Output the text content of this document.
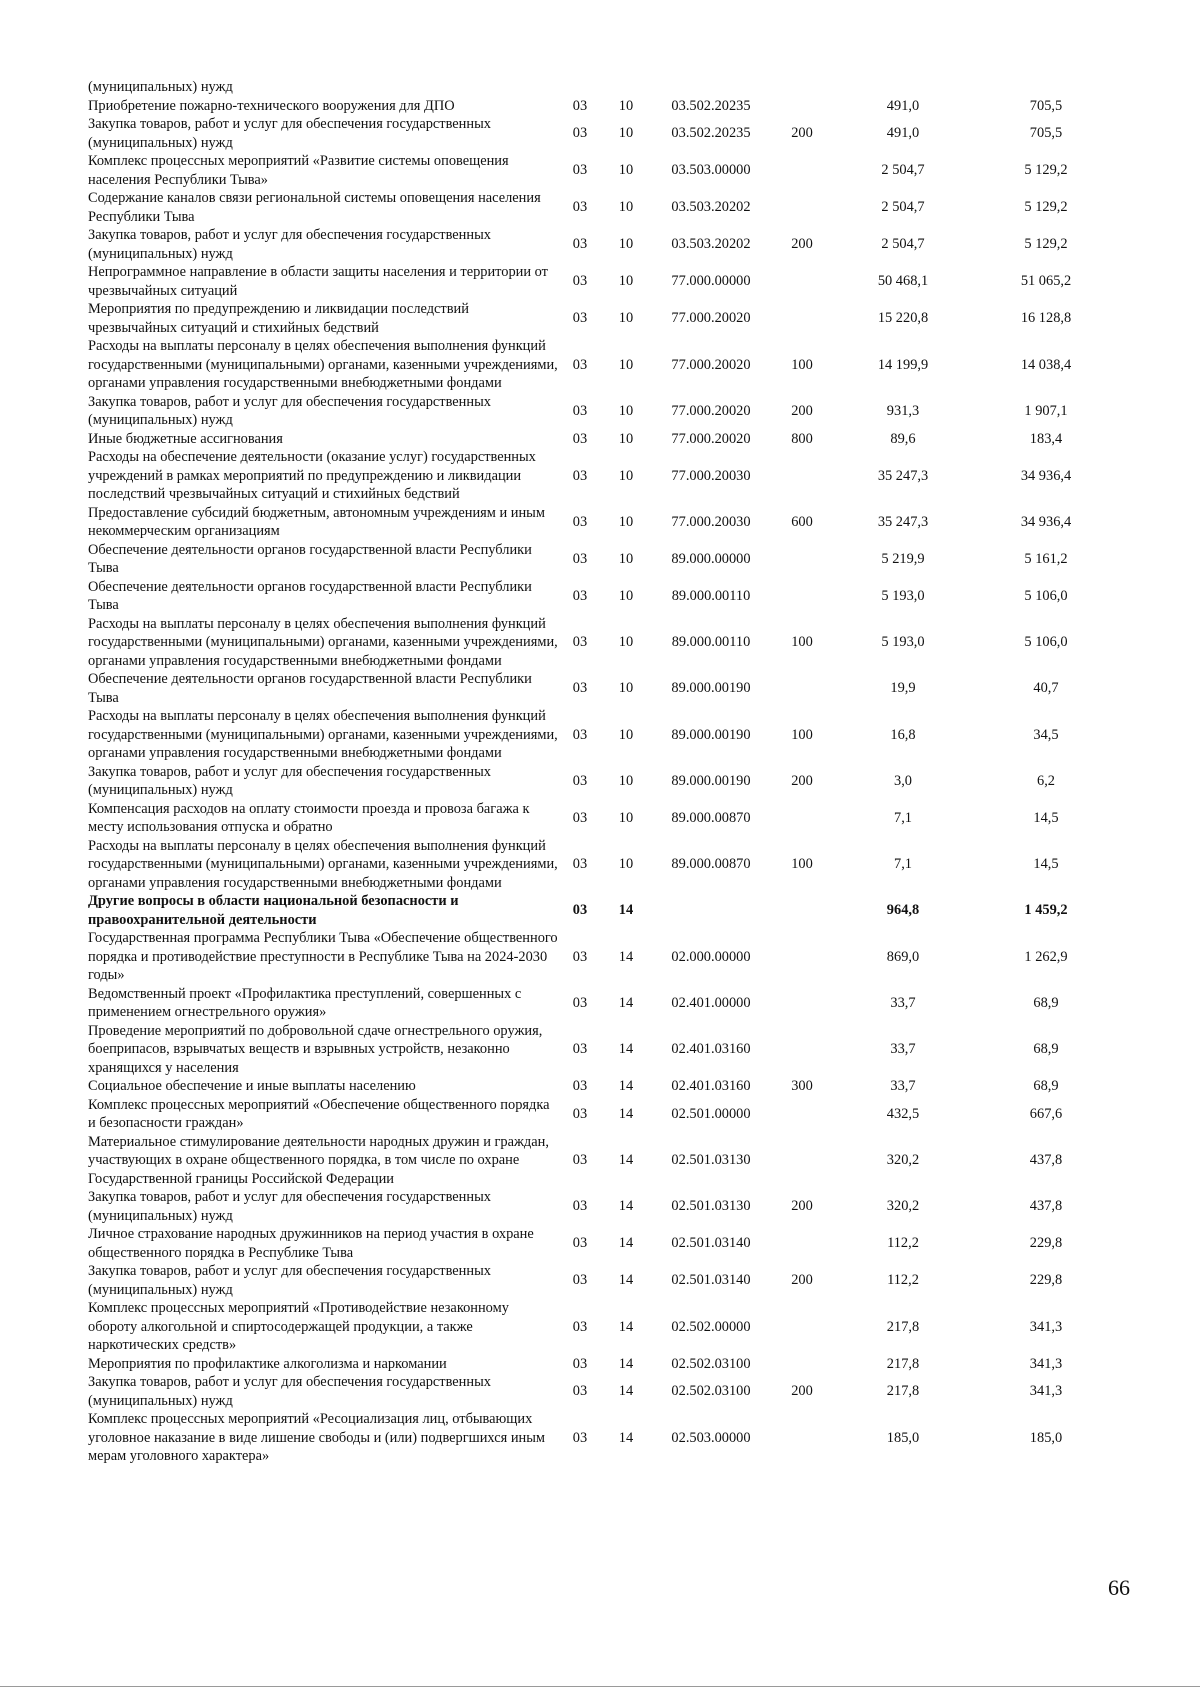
(муниципальных) нужд						
Приобретение пожарно-технического вооружения для ДПО	03	10	03.502.20235		491,0	705,5
Закупка товаров, работ и услуг для обеспечения государственных (муниципальных) нужд	03	10	03.502.20235	200	491,0	705,5
Комплекс процессных мероприятий «Развитие системы оповещения населения Республики Тыва»	03	10	03.503.00000		2 504,7	5 129,2
Содержание каналов связи региональной системы оповещения населения Республики Тыва	03	10	03.503.20202		2 504,7	5 129,2
Закупка товаров, работ и услуг для обеспечения государственных (муниципальных) нужд	03	10	03.503.20202	200	2 504,7	5 129,2
Непрограммное направление в области защиты населения и территории от чрезвычайных ситуаций	03	10	77.000.00000		50 468,1	51 065,2
Мероприятия по предупреждению и ликвидации последствий чрезвычайных ситуаций и стихийных бедствий	03	10	77.000.20020		15 220,8	16 128,8
Расходы на выплаты персоналу в целях обеспечения выполнения функций государственными (муниципальными) органами, казенными учреждениями, органами управления государственными внебюджетными фондами	03	10	77.000.20020	100	14 199,9	14 038,4
Закупка товаров, работ и услуг для обеспечения государственных (муниципальных) нужд	03	10	77.000.20020	200	931,3	1 907,1
Иные бюджетные ассигнования	03	10	77.000.20020	800	89,6	183,4
Расходы на обеспечение деятельности (оказание услуг) государственных учреждений в рамках мероприятий по предупреждению и ликвидации последствий чрезвычайных ситуаций и стихийных бедствий	03	10	77.000.20030		35 247,3	34 936,4
Предоставление субсидий бюджетным, автономным учреждениям и иным некоммерческим организациям	03	10	77.000.20030	600	35 247,3	34 936,4
Обеспечение деятельности органов государственной власти Республики Тыва	03	10	89.000.00000		5 219,9	5 161,2
Обеспечение деятельности органов государственной власти Республики Тыва	03	10	89.000.00110		5 193,0	5 106,0
Расходы на выплаты персоналу в целях обеспечения выполнения функций государственными (муниципальными) органами, казенными учреждениями, органами управления государственными внебюджетными фондами	03	10	89.000.00110	100	5 193,0	5 106,0
Обеспечение деятельности органов государственной власти Республики Тыва	03	10	89.000.00190		19,9	40,7
Расходы на выплаты персоналу в целях обеспечения выполнения функций государственными (муниципальными) органами, казенными учреждениями, органами управления государственными внебюджетными фондами	03	10	89.000.00190	100	16,8	34,5
Закупка товаров, работ и услуг для обеспечения государственных (муниципальных) нужд	03	10	89.000.00190	200	3,0	6,2
Компенсация расходов на оплату стоимости проезда и провоза багажа к месту использования отпуска и обратно	03	10	89.000.00870		7,1	14,5
Расходы на выплаты персоналу в целях обеспечения выполнения функций государственными (муниципальными) органами, казенными учреждениями, органами управления государственными внебюджетными фондами	03	10	89.000.00870	100	7,1	14,5
Другие вопросы в области национальной безопасности и правоохранительной деятельности	03	14			964,8	1 459,2
Государственная программа Республики Тыва «Обеспечение общественного порядка и противодействие преступности в Республике Тыва на 2024-2030 годы»	03	14	02.000.00000		869,0	1 262,9
Ведомственный проект «Профилактика преступлений, совершенных с применением огнестрельного оружия»	03	14	02.401.00000		33,7	68,9
Проведение мероприятий по добровольной сдаче огнестрельного оружия, боеприпасов, взрывчатых веществ и взрывных устройств, незаконно хранящихся у населения	03	14	02.401.03160		33,7	68,9
Социальное обеспечение и иные выплаты населению	03	14	02.401.03160	300	33,7	68,9
Комплекс процессных мероприятий «Обеспечение общественного порядка и безопасности граждан»	03	14	02.501.00000		432,5	667,6
Материальное стимулирование деятельности народных дружин и граждан, участвующих в охране общественного порядка, в том числе по охране Государственной границы Российской Федерации	03	14	02.501.03130		320,2	437,8
Закупка товаров, работ и услуг для обеспечения государственных (муниципальных) нужд	03	14	02.501.03130	200	320,2	437,8
Личное страхование народных дружинников на период участия в охране общественного порядка в Республике Тыва	03	14	02.501.03140		112,2	229,8
Закупка товаров, работ и услуг для обеспечения государственных (муниципальных) нужд	03	14	02.501.03140	200	112,2	229,8
Комплекс процессных мероприятий «Противодействие незаконному обороту алкогольной и спиртосодержащей продукции, а также наркотических средств»	03	14	02.502.00000		217,8	341,3
Мероприятия по профилактике алкоголизма и наркомании	03	14	02.502.03100		217,8	341,3
Закупка товаров, работ и услуг для обеспечения государственных (муниципальных) нужд	03	14	02.502.03100	200	217,8	341,3
Комплекс процессных мероприятий «Ресоциализация лиц, отбывающих уголовное наказание в виде лишение свободы и (или) подвергшихся иным мерам уголовного характера»	03	14	02.503.00000		185,0	185,0
66
